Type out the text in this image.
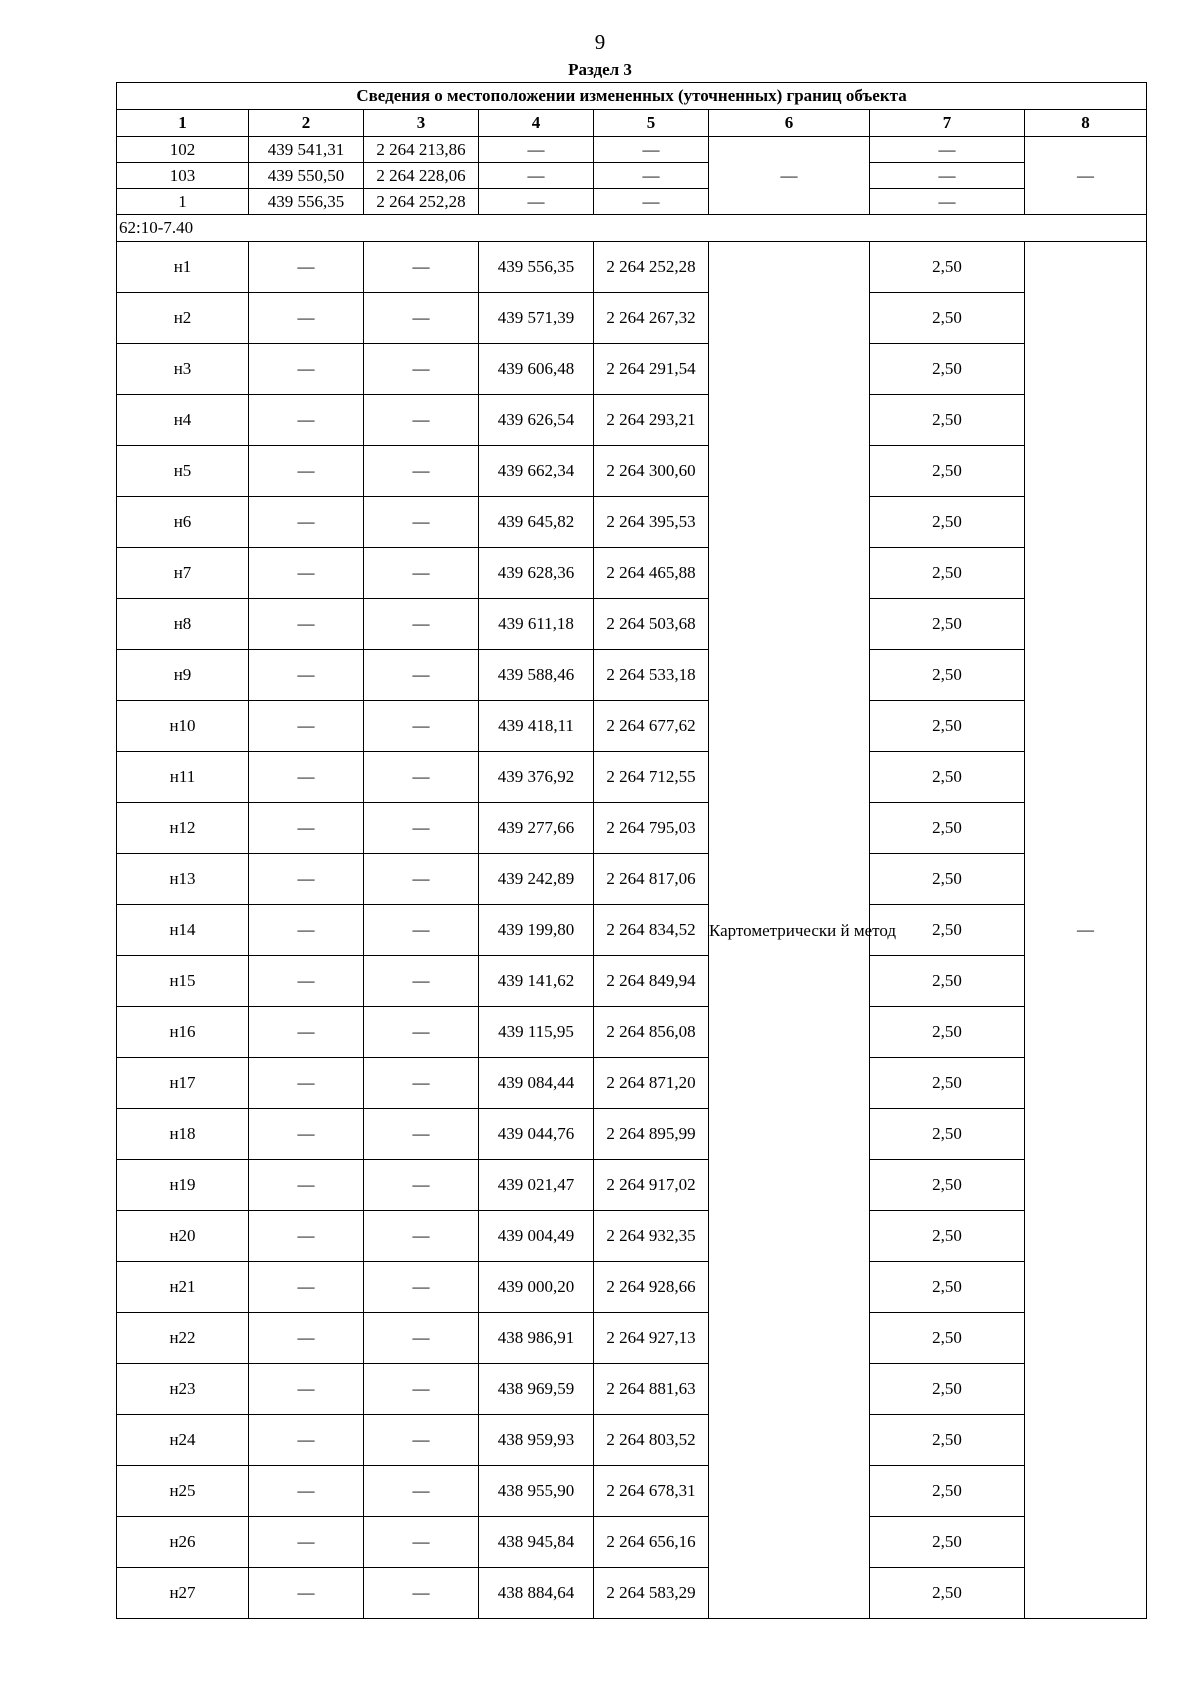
9
Раздел 3
Сведения о местоположении измененных (уточненных) границ объекта							
1	2	3	4	5	6	7	8
102	439 541,31	2 264 213,86	—	—	—	—	—
103	439 550,50	2 264 228,06	—	—		—	
1	439 556,35	2 264 252,28	—	—		—	
62:10-7.40							
н1	—	—	439 556,35	2 264 252,28	Картометрически й метод	2,50	—
н2	—	—	439 571,39	2 264 267,32		2,50	
н3	—	—	439 606,48	2 264 291,54		2,50	
н4	—	—	439 626,54	2 264 293,21		2,50	
н5	—	—	439 662,34	2 264 300,60		2,50	
н6	—	—	439 645,82	2 264 395,53		2,50	
н7	—	—	439 628,36	2 264 465,88		2,50	
н8	—	—	439 611,18	2 264 503,68		2,50	
н9	—	—	439 588,46	2 264 533,18		2,50	
н10	—	—	439 418,11	2 264 677,62		2,50	
н11	—	—	439 376,92	2 264 712,55		2,50	
н12	—	—	439 277,66	2 264 795,03		2,50	
н13	—	—	439 242,89	2 264 817,06		2,50	
н14	—	—	439 199,80	2 264 834,52		2,50	
н15	—	—	439 141,62	2 264 849,94		2,50	
н16	—	—	439 115,95	2 264 856,08		2,50	
н17	—	—	439 084,44	2 264 871,20		2,50	
н18	—	—	439 044,76	2 264 895,99		2,50	
н19	—	—	439 021,47	2 264 917,02		2,50	
н20	—	—	439 004,49	2 264 932,35		2,50	
н21	—	—	439 000,20	2 264 928,66		2,50	
н22	—	—	438 986,91	2 264 927,13		2,50	
н23	—	—	438 969,59	2 264 881,63		2,50	
н24	—	—	438 959,93	2 264 803,52		2,50	
н25	—	—	438 955,90	2 264 678,31		2,50	
н26	—	—	438 945,84	2 264 656,16		2,50	
н27	—	—	438 884,64	2 264 583,29		2,50	
